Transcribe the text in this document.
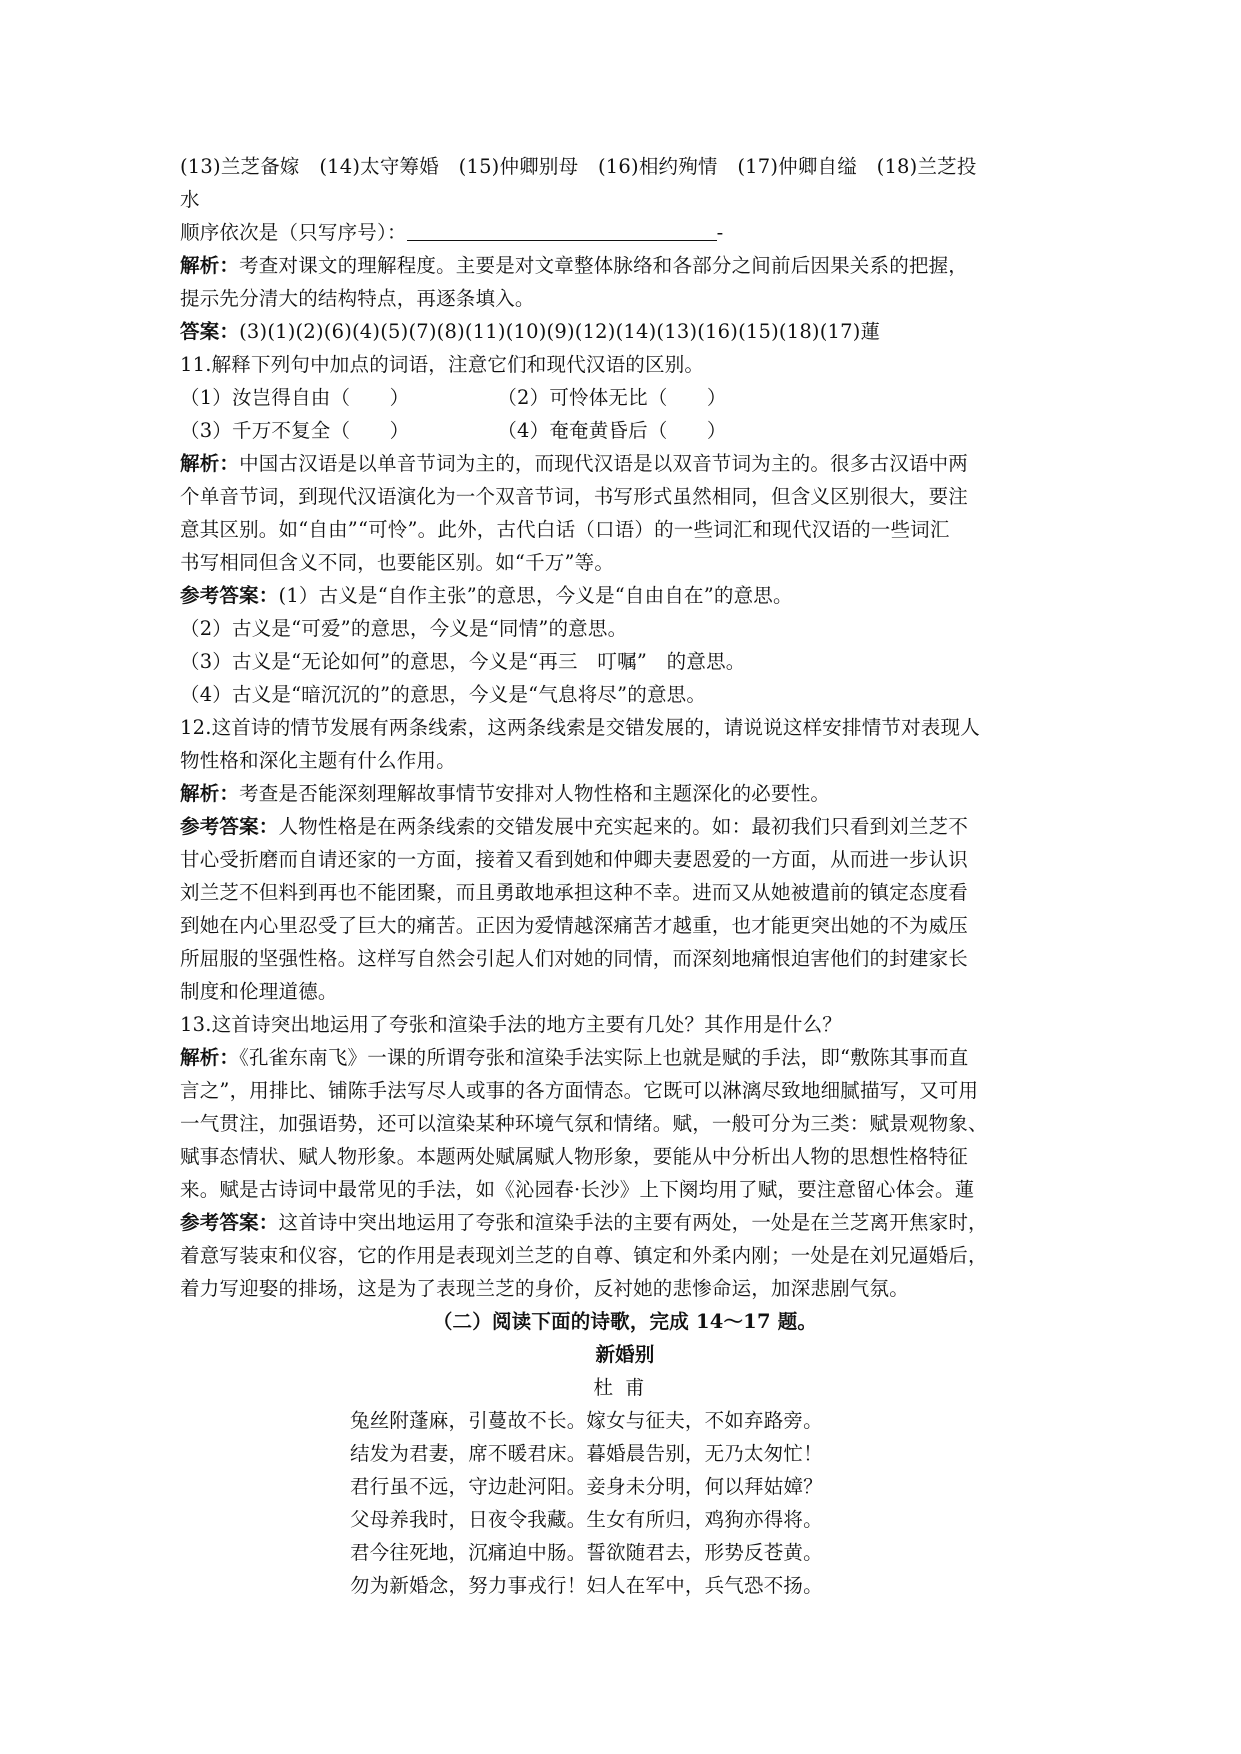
(13)兰芝备嫁　(14)太守筹婚　(15)仲卿别母　(16)相约殉情　(17)仲卿自缢　(18)兰芝投

水

顺序依次是（只写序号）：	-

解析：考查对课文的理解程度。主要是对文章整体脉络和各部分之间前后因果关系的把握，

提示先分清大的结构特点，再逐条填入。

答案：(3)(1)(2)(6)(4)(5)(7)(8)(11)(10)(9)(12)(14)(13)(16)(15)(18)(17)蓮

11.解释下列句中加点的词语，注意它们和现代汉语的区别。

（1）汝岂得自由（　　）	（2）可怜体无比（　　）

（3）千万不复全（　　）	（4）奄奄黄昏后（　　）

解析：中国古汉语是以单音节词为主的，而现代汉语是以双音节词为主的。很多古汉语中两

个单音节词，到现代汉语演化为一个双音节词，书写形式虽然相同，但含义区别很大，要注

意其区别。如“自由”“可怜”。此外，古代白话（口语）的一些词汇和现代汉语的一些词汇

书写相同但含义不同，也要能区别。如“千万”等。

参考答案：(1）古义是“自作主张”的意思，今义是“自由自在”的意思。

（2）古义是“可爱”的意思，今义是“同情”的意思。

（3）古义是“无论如何”的意思，今义是“再三　叮嘱”　的意思。

（4）古义是“暗沉沉的”的意思，今义是“气息将尽”的意思。

12.这首诗的情节发展有两条线索，这两条线索是交错发展的，请说说这样安排情节对表现人

物性格和深化主题有什么作用。

解析：考查是否能深刻理解故事情节安排对人物性格和主题深化的必要性。

参考答案：人物性格是在两条线索的交错发展中充实起来的。如：最初我们只看到刘兰芝不

甘心受折磨而自请还家的一方面，接着又看到她和仲卿夫妻恩爱的一方面，从而进一步认识

刘兰芝不但料到再也不能团聚，而且勇敢地承担这种不幸。进而又从她被遣前的镇定态度看

到她在内心里忍受了巨大的痛苦。正因为爱情越深痛苦才越重，也才能更突出她的不为威压

所屈服的坚强性格。这样写自然会引起人们对她的同情，而深刻地痛恨迫害他们的封建家长

制度和伦理道德。

13.这首诗突出地运用了夸张和渲染手法的地方主要有几处？其作用是什么？

解析：《孔雀东南飞》一课的所谓夸张和渲染手法实际上也就是赋的手法，即“敷陈其事而直

言之”，用排比、铺陈手法写尽人或事的各方面情态。它既可以淋漓尽致地细腻描写，又可用

一气贯注，加强语势，还可以渲染某种环境气氛和情绪。赋，一般可分为三类：赋景观物象、

赋事态情状、赋人物形象。本题两处赋属赋人物形象，要能从中分析出人物的思想性格特征

来。赋是古诗词中最常见的手法，如《沁园春·长沙》上下阕均用了赋，要注意留心体会。蓮

参考答案：这首诗中突出地运用了夸张和渲染手法的主要有两处，一处是在兰芝离开焦家时，

着意写装束和仪容，它的作用是表现刘兰芝的自尊、镇定和外柔内刚；一处是在刘兄逼婚后，

着力写迎娶的排场，这是为了表现兰芝的身价，反衬她的悲惨命运，加深悲剧气氛。

（二）阅读下面的诗歌，完成 14～17 题。

新婚别

杜甫

兔丝附蓬麻，引蔓故不长。嫁女与征夫，不如弃路旁。

结发为君妻，席不暖君床。暮婚晨告别，无乃太匆忙！

君行虽不远，守边赴河阳。妾身未分明，何以拜姑嫜？

父母养我时，日夜令我藏。生女有所归，鸡狗亦得将。

君今往死地，沉痛迫中肠。誓欲随君去，形势反苍黄。

勿为新婚念，努力事戎行！妇人在军中，兵气恐不扬。
